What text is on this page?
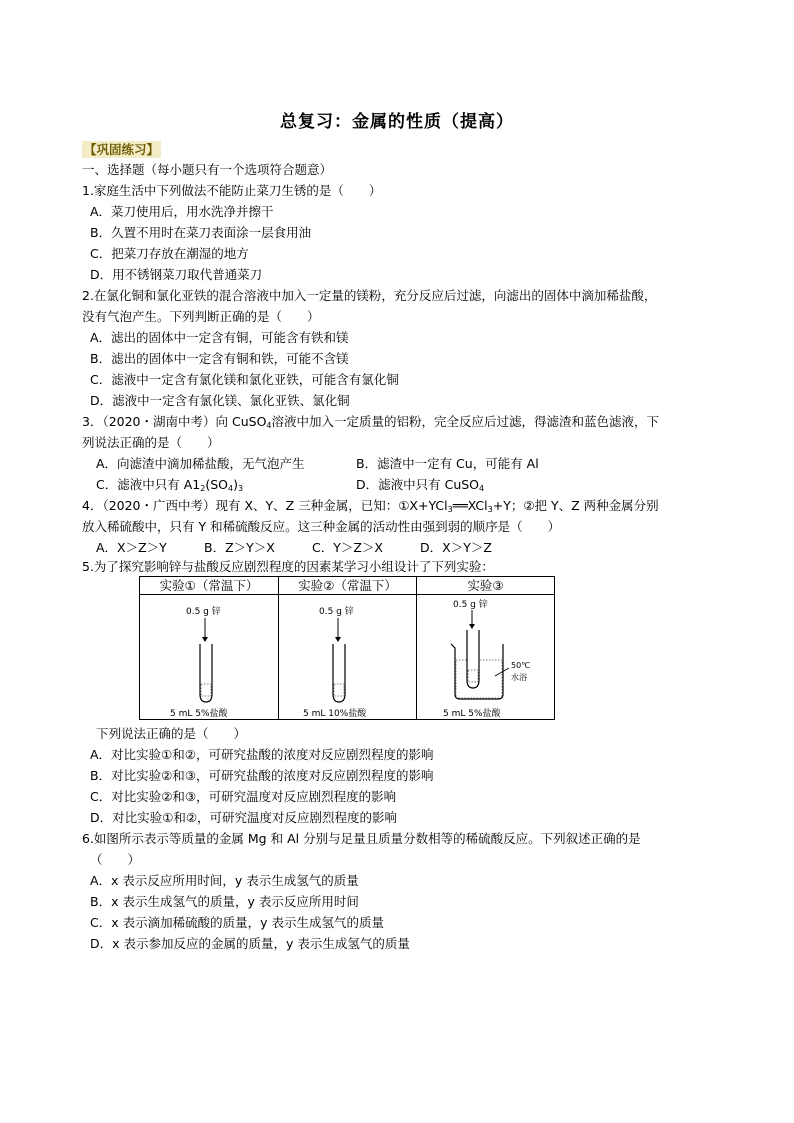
总复习：金属的性质（提高）
【巩固练习】
一、选择题（每小题只有一个选项符合题意）
1.家庭生活中下列做法不能防止菜刀生锈的是（　　）
A．菜刀使用后，用水洗净并擦干
B．久置不用时在菜刀表面涂一层食用油
C．把菜刀存放在潮湿的地方
D．用不锈钢菜刀取代普通菜刀
2.在氯化铜和氯化亚铁的混合溶液中加入一定量的镁粉，充分反应后过滤，向滤出的固体中滴加稀盐酸，
没有气泡产生。下列判断正确的是（　　）
A．滤出的固体中一定含有铜，可能含有铁和镁
B．滤出的固体中一定含有铜和铁，可能不含镁
C．滤液中一定含有氯化镁和氯化亚铁，可能含有氯化铜
D．滤液中一定含有氯化镁、氯化亚铁、氯化铜
3．（2020・湖南中考）向 CuSO$_4$溶液中加入一定质量的铝粉，完全反应后过滤，得滤渣和蓝色滤液，下
列说法正确的是（　　）
A．向滤渣中滴加稀盐酸，无气泡产生	B．滤渣中一定有 Cu，可能有 Al
C．滤液中只有 $A1_2(SO_4)_3$	D．滤液中只有 CuSO$_4$
4．（2020・广西中考）现有 X、Y、Z 三种金属，已知：①X+YCl$_3$══XCl$_3$+Y；②把 Y、Z 两种金属分别
放入稀硫酸中，只有 Y 和稀硫酸反应。这三种金属的活动性由强到弱的顺序是（　　）
A．X＞Z＞Y	B．Z＞Y＞X	C．Y＞Z＞X	D．X＞Y＞Z
5.为了探究影响锌与盐酸反应剧烈程度的因素某学习小组设计了下列实验：
实验①（常温下）
0.5 g 锌
5 mL 5%盐酸
实验②（常温下）
0.5 g 锌
5 mL 10%盐酸
实验③
0.5 g 锌
50℃
水浴
5 mL 5%盐酸
下列说法正确的是（　　）
A．对比实验①和②，可研究盐酸的浓度对反应剧烈程度的影响
B．对比实验②和③，可研究盐酸的浓度对反应剧烈程度的影响
C．对比实验②和③，可研究温度对反应剧烈程度的影响
D．对比实验①和②，可研究温度对反应剧烈程度的影响
6.如图所示表示等质量的金属 Mg 和 Al 分别与足量且质量分数相等的稀硫酸反应。下列叙述正确的是
（　　）
A．x 表示反应所用时间，y 表示生成氢气的质量
B．x 表示生成氢气的质量，y 表示反应所用时间
C．x 表示滴加稀硫酸的质量，y 表示生成氢气的质量
D．x 表示参加反应的金属的质量，y 表示生成氢气的质量
